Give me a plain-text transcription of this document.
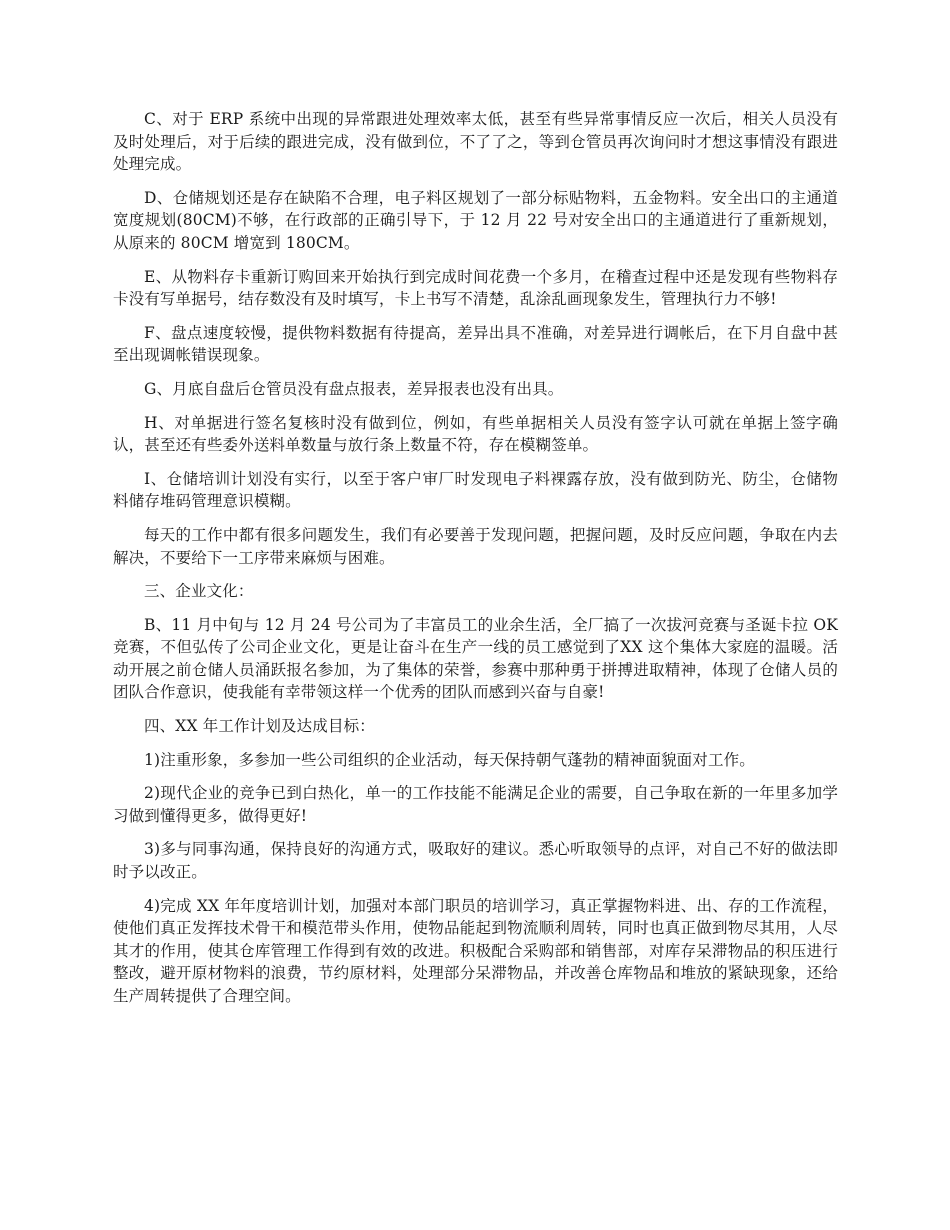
C、对于 ERP 系统中出现的异常跟进处理效率太低，甚至有些异常事情反应一次后，相关人员没有及时处理后，对于后续的跟进完成，没有做到位，不了了之，等到仓管员再次询问时才想这事情没有跟进处理完成。

D、仓储规划还是存在缺陷不合理，电子料区规划了一部分标贴物料，五金物料。安全出口的主通道宽度规划(80CM)不够，在行政部的正确引导下，于 12 月 22 号对安全出口的主通道进行了重新规划，从原来的 80CM 增宽到 180CM。

E、从物料存卡重新订购回来开始执行到完成时间花费一个多月，在稽查过程中还是发现有些物料存卡没有写单据号，结存数没有及时填写，卡上书写不清楚，乱涂乱画现象发生，管理执行力不够!

F、盘点速度较慢，提供物料数据有待提高，差异出具不准确，对差异进行调帐后，在下月自盘中甚至出现调帐错误现象。

G、月底自盘后仓管员没有盘点报表，差异报表也没有出具。

H、对单据进行签名复核时没有做到位，例如，有些单据相关人员没有签字认可就在单据上签字确认，甚至还有些委外送料单数量与放行条上数量不符，存在模糊签单。

I、仓储培训计划没有实行，以至于客户审厂时发现电子料裸露存放，没有做到防光、防尘，仓储物料储存堆码管理意识模糊。

每天的工作中都有很多问题发生，我们有必要善于发现问题，把握问题，及时反应问题，争取在内去解决，不要给下一工序带来麻烦与困难。

三、企业文化：

B、11 月中旬与 12 月 24 号公司为了丰富员工的业余生活，全厂搞了一次拔河竞赛与圣诞卡拉 OK 竞赛，不但弘传了公司企业文化，更是让奋斗在生产一线的员工感觉到了XX 这个集体大家庭的温暖。活动开展之前仓储人员涌跃报名参加，为了集体的荣誉，参赛中那种勇于拼搏进取精神，体现了仓储人员的团队合作意识，使我能有幸带领这样一个优秀的团队而感到兴奋与自豪!

四、XX 年工作计划及达成目标：

1)注重形象，多参加一些公司组织的企业活动，每天保持朝气蓬勃的精神面貌面对工作。

2)现代企业的竞争已到白热化，单一的工作技能不能满足企业的需要，自己争取在新的一年里多加学习做到懂得更多，做得更好!

3)多与同事沟通，保持良好的沟通方式，吸取好的建议。悉心听取领导的点评，对自己不好的做法即时予以改正。

4)完成 XX 年年度培训计划，加强对本部门职员的培训学习，真正掌握物料进、出、存的工作流程，使他们真正发挥技术骨干和模范带头作用，使物品能起到物流顺利周转，同时也真正做到物尽其用，人尽其才的作用，使其仓库管理工作得到有效的改进。积极配合采购部和销售部，对库存呆滞物品的积压进行整改，避开原材物料的浪费，节约原材料，处理部分呆滞物品，并改善仓库物品和堆放的紧缺现象，还给生产周转提供了合理空间。
